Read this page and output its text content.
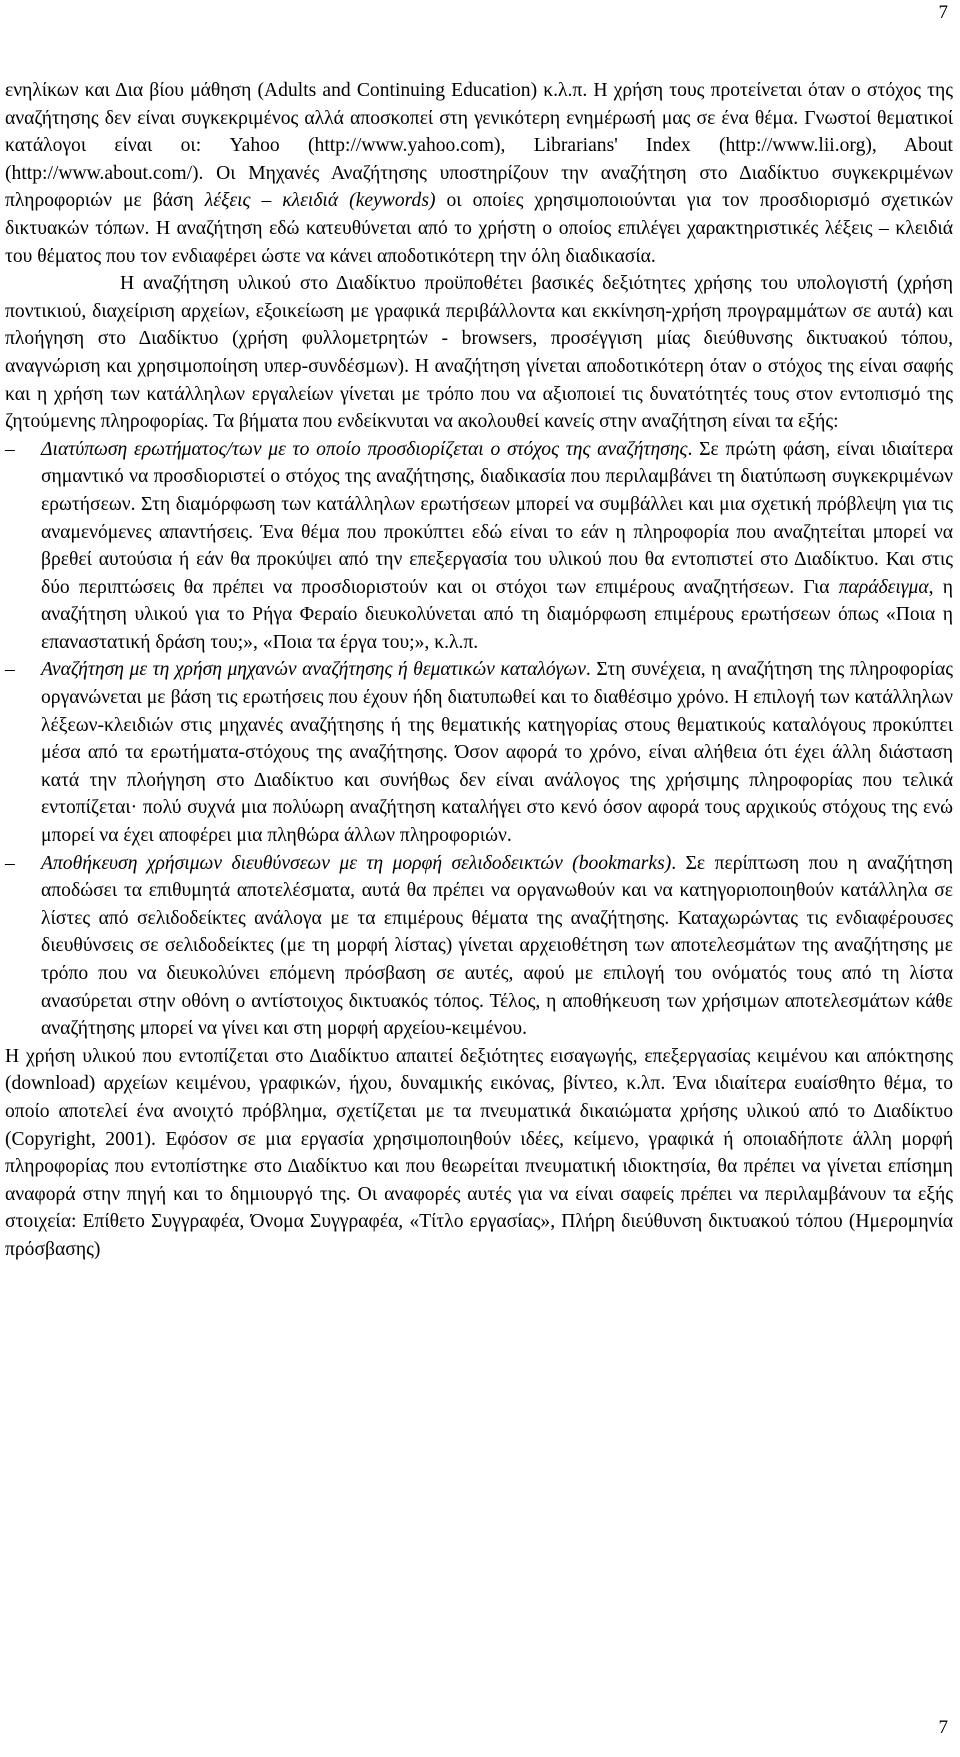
7

ενηλίκων και Δια βίου μάθηση (Adults and Continuing Education) κ.λ.π. Η χρήση τους προτείνεται όταν ο στόχος της αναζήτησης δεν είναι συγκεκριμένος αλλά αποσκοπεί στη γενικότερη ενημέρωσή μας σε ένα θέμα. Γνωστοί θεματικοί κατάλογοι είναι οι: Yahoo (http://www.yahoo.com), Librarians' Index (http://www.lii.org), About (http://www.about.com/). Οι Μηχανές Αναζήτησης υποστηρίζουν την αναζήτηση στο Διαδίκτυο συγκεκριμένων πληροφοριών με βάση λέξεις – κλειδιά (keywords) οι οποίες χρησιμοποιούνται για τον προσδιορισμό σχετικών δικτυακών τόπων. Η αναζήτηση εδώ κατευθύνεται από το χρήστη ο οποίος επιλέγει χαρακτηριστικές λέξεις – κλειδιά του θέματος που τον ενδιαφέρει ώστε να κάνει αποδοτικότερη την όλη διαδικασία.

Η αναζήτηση υλικού στο Διαδίκτυο προϋποθέτει βασικές δεξιότητες χρήσης του υπολογιστή (χρήση ποντικιού, διαχείριση αρχείων, εξοικείωση με γραφικά περιβάλλοντα και εκκίνηση-χρήση προγραμμάτων σε αυτά) και πλοήγηση στο Διαδίκτυο (χρήση φυλλομετρητών - browsers, προσέγγιση μίας διεύθυνσης δικτυακού τόπου, αναγνώριση και χρησιμοποίηση υπερ-συνδέσμων). Η αναζήτηση γίνεται αποδοτικότερη όταν ο στόχος της είναι σαφής και η χρήση των κατάλληλων εργαλείων γίνεται με τρόπο που να αξιοποιεί τις δυνατότητές τους στον εντοπισμό της ζητούμενης πληροφορίας. Τα βήματα που ενδείκνυται να ακολουθεί κανείς στην αναζήτηση είναι τα εξής:

– Διατύπωση ερωτήματος/των με το οποίο προσδιορίζεται ο στόχος της αναζήτησης. Σε πρώτη φάση, είναι ιδιαίτερα σημαντικό να προσδιοριστεί ο στόχος της αναζήτησης, διαδικασία που περιλαμβάνει τη διατύπωση συγκεκριμένων ερωτήσεων. Στη διαμόρφωση των κατάλληλων ερωτήσεων μπορεί να συμβάλλει και μια σχετική πρόβλεψη για τις αναμενόμενες απαντήσεις. Ένα θέμα που προκύπτει εδώ είναι το εάν η πληροφορία που αναζητείται μπορεί να βρεθεί αυτούσια ή εάν θα προκύψει από την επεξεργασία του υλικού που θα εντοπιστεί στο Διαδίκτυο. Και στις δύο περιπτώσεις θα πρέπει να προσδιοριστούν και οι στόχοι των επιμέρους αναζητήσεων. Για παράδειγμα, η αναζήτηση υλικού για το Ρήγα Φεραίο διευκολύνεται από τη διαμόρφωση επιμέρους ερωτήσεων όπως «Ποια η επαναστατική δράση του;», «Ποια τα έργα του;», κ.λ.π.

– Αναζήτηση με τη χρήση μηχανών αναζήτησης ή θεματικών καταλόγων. Στη συνέχεια, η αναζήτηση της πληροφορίας οργανώνεται με βάση τις ερωτήσεις που έχουν ήδη διατυπωθεί και το διαθέσιμο χρόνο. Η επιλογή των κατάλληλων λέξεων-κλειδιών στις μηχανές αναζήτησης ή της θεματικής κατηγορίας στους θεματικούς καταλόγους προκύπτει μέσα από τα ερωτήματα-στόχους της αναζήτησης. Όσον αφορά το χρόνο, είναι αλήθεια ότι έχει άλλη διάσταση κατά την πλοήγηση στο Διαδίκτυο και συνήθως δεν είναι ανάλογος της χρήσιμης πληροφορίας που τελικά εντοπίζεται· πολύ συχνά μια πολύωρη αναζήτηση καταλήγει στο κενό όσον αφορά τους αρχικούς στόχους της ενώ μπορεί να έχει αποφέρει μια πληθώρα άλλων πληροφοριών.

– Αποθήκευση χρήσιμων διευθύνσεων με τη μορφή σελιδοδεικτών (bookmarks). Σε περίπτωση που η αναζήτηση αποδώσει τα επιθυμητά αποτελέσματα, αυτά θα πρέπει να οργανωθούν και να κατηγοριοποιηθούν κατάλληλα σε λίστες από σελιδοδείκτες ανάλογα με τα επιμέρους θέματα της αναζήτησης. Καταχωρώντας τις ενδιαφέρουσες διευθύνσεις σε σελιδοδείκτες (με τη μορφή λίστας) γίνεται αρχειοθέτηση των αποτελεσμάτων της αναζήτησης με τρόπο που να διευκολύνει επόμενη πρόσβαση σε αυτές, αφού με επιλογή του ονόματός τους από τη λίστα ανασύρεται στην οθόνη ο αντίστοιχος δικτυακός τόπος. Τέλος, η αποθήκευση των χρήσιμων αποτελεσμάτων κάθε αναζήτησης μπορεί να γίνει και στη μορφή αρχείου-κειμένου.

Η χρήση υλικού που εντοπίζεται στο Διαδίκτυο απαιτεί δεξιότητες εισαγωγής, επεξεργασίας κειμένου και απόκτησης (download) αρχείων κειμένου, γραφικών, ήχου, δυναμικής εικόνας, βίντεο, κ.λπ. Ένα ιδιαίτερα ευαίσθητο θέμα, το οποίο αποτελεί ένα ανοιχτό πρόβλημα, σχετίζεται με τα πνευματικά δικαιώματα χρήσης υλικού από το Διαδίκτυο (Copyright, 2001). Εφόσον σε μια εργασία χρησιμοποιηθούν ιδέες, κείμενο, γραφικά ή οποιαδήποτε άλλη μορφή πληροφορίας που εντοπίστηκε στο Διαδίκτυο και που θεωρείται πνευματική ιδιοκτησία, θα πρέπει να γίνεται επίσημη αναφορά στην πηγή και το δημιουργό της. Οι αναφορές αυτές για να είναι σαφείς πρέπει να περιλαμβάνουν τα εξής στοιχεία: Επίθετο Συγγραφέα, Όνομα Συγγραφέα, «Τίτλο εργασίας», Πλήρη διεύθυνση δικτυακού τόπου (Ημερομηνία πρόσβασης)

7
